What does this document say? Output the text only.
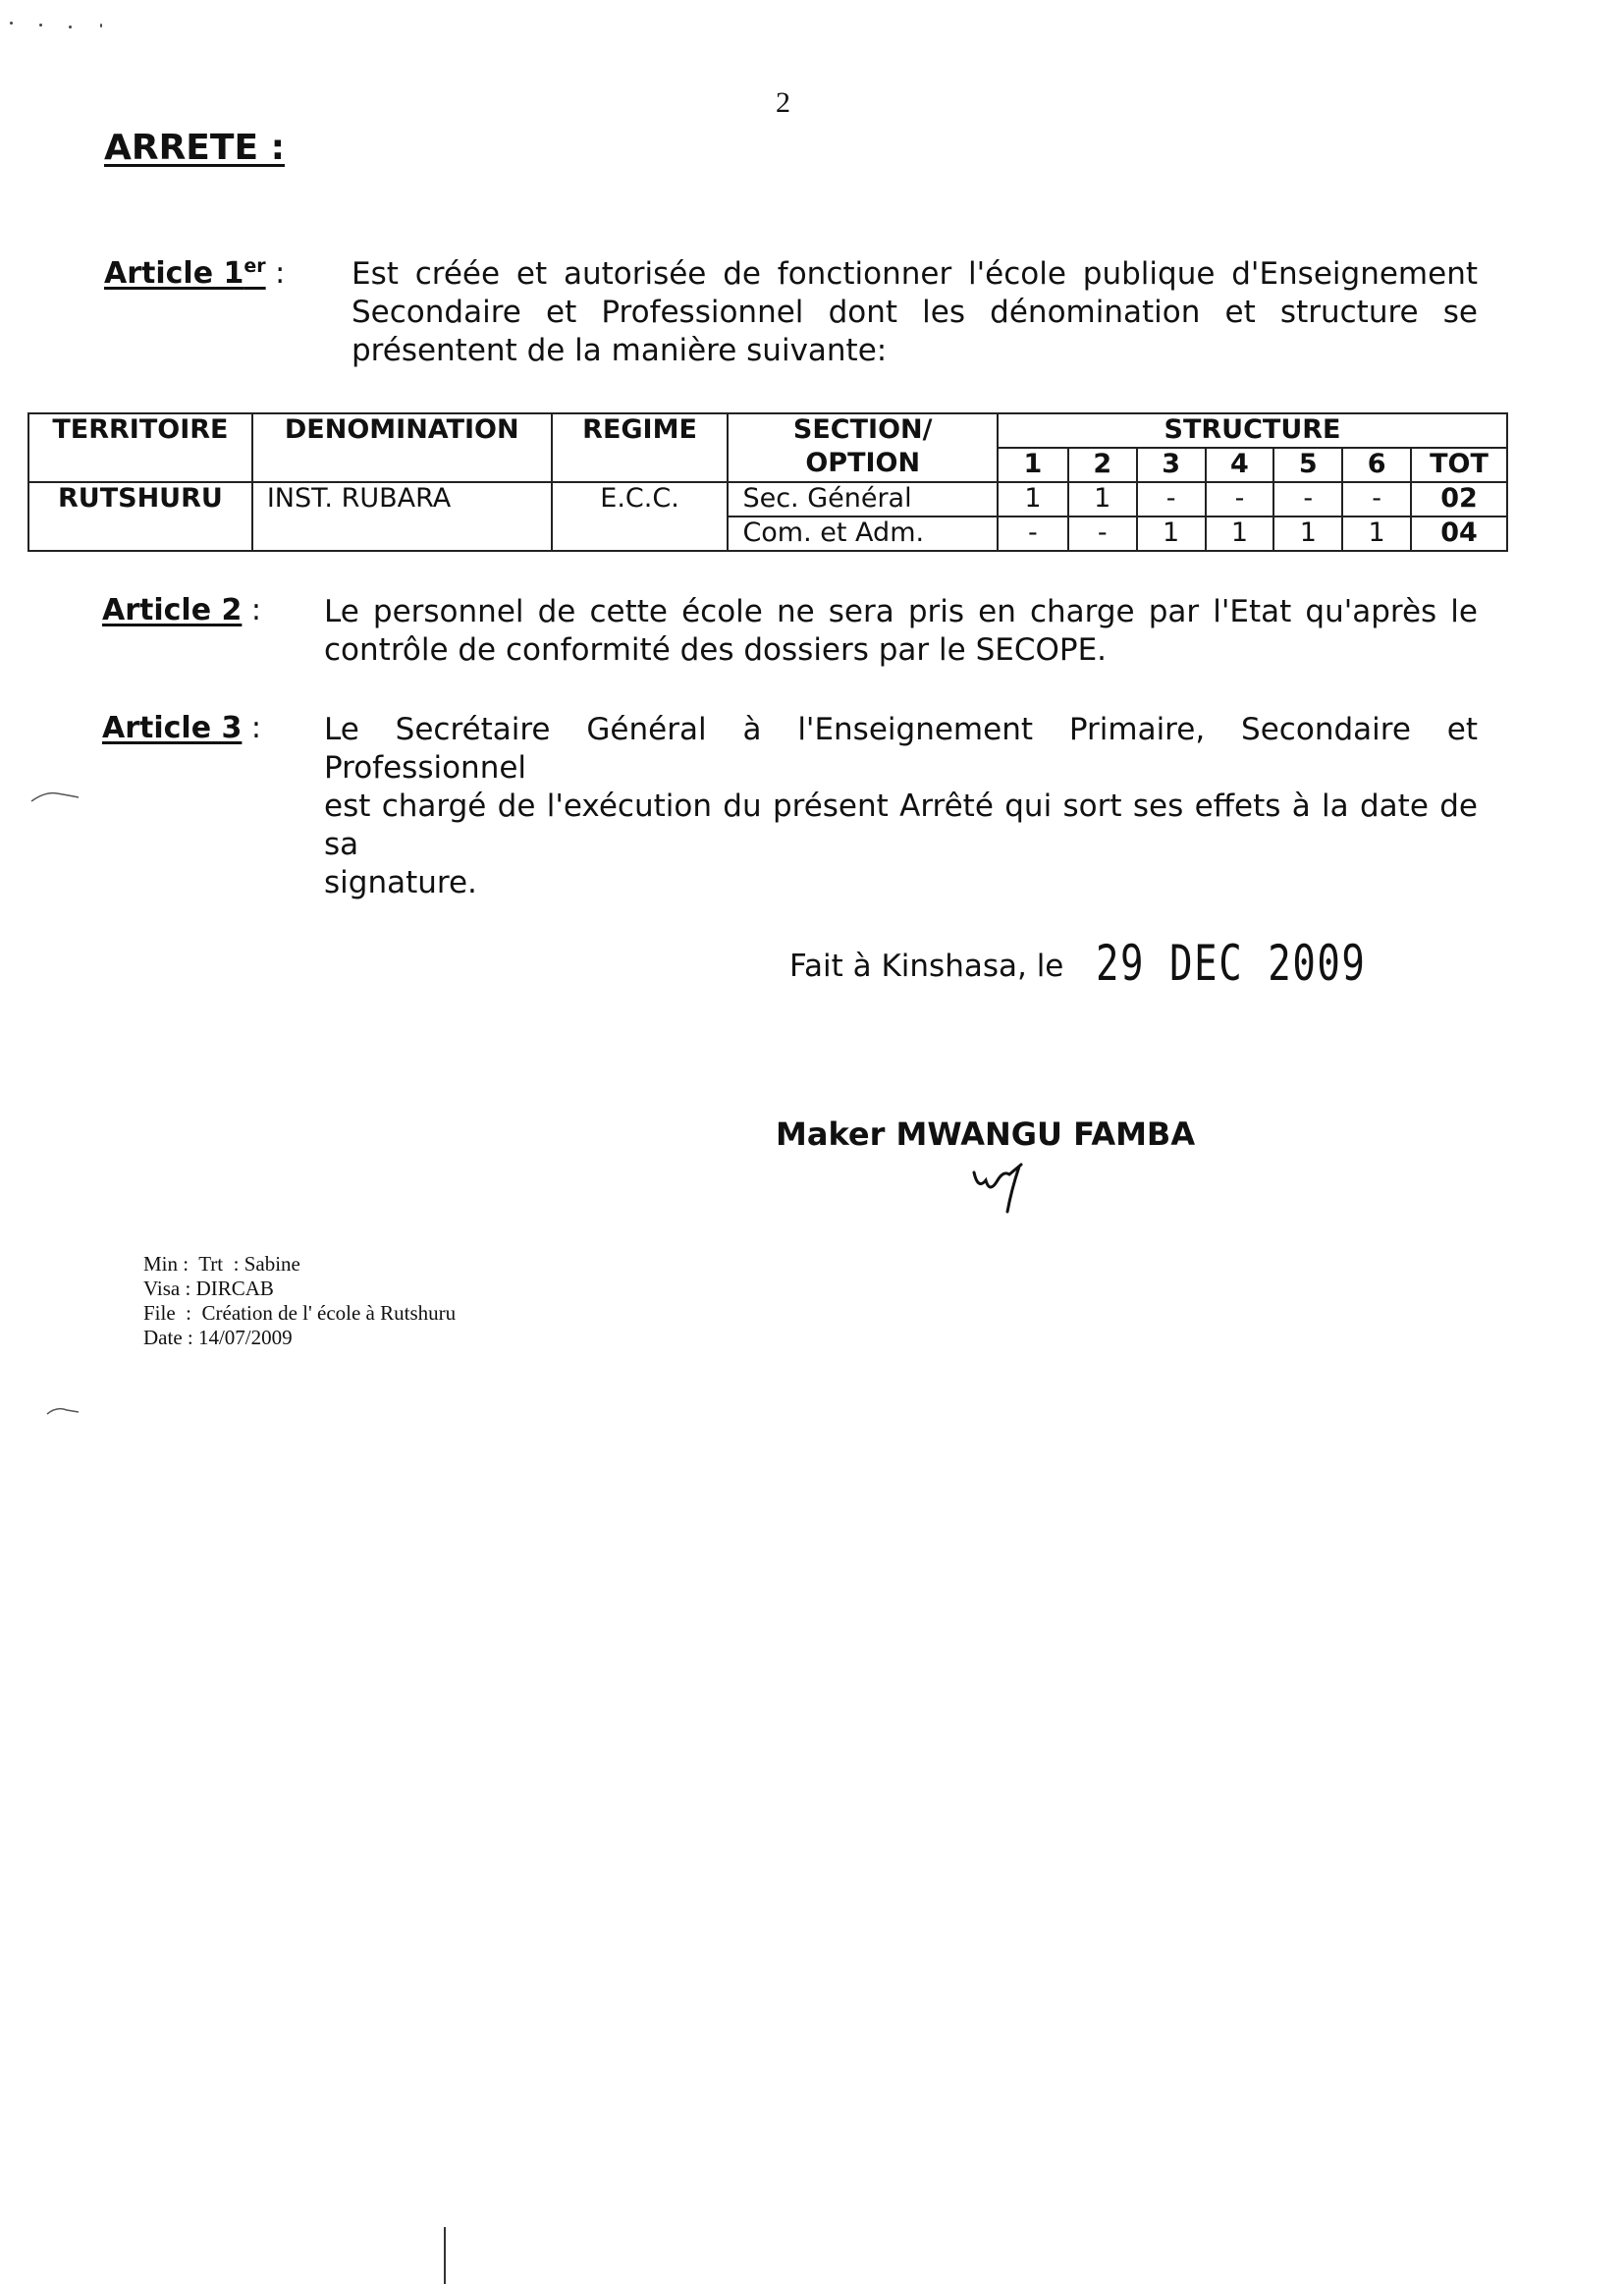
2
ARRETE :
Article 1er : Est créée et autorisée de fonctionner l'école publique d'Enseignement
Secondaire et Professionnel dont les dénomination et structure se
présentent de la manière suivante:
TERRITOIRE	DENOMINATION	REGIME	SECTION/	STRUCTURE						
			OPTION	1	2	3	4	5	6	TOT
RUTSHURU	INST. RUBARA	E.C.C.	Sec. Général	1	1	-	-	-	-	02
			Com. et Adm.	-	-	1	1	1	1	04
Article 2 : Le personnel de cette école ne sera pris en charge par l'Etat qu'après le
contrôle de conformité des dossiers par le SECOPE.
Article 3 : Le Secrétaire Général à l'Enseignement Primaire, Secondaire et Professionnel
est chargé de l'exécution du présent Arrêté qui sort ses effets à la date de sa
signature.
Fait à Kinshasa, le 29 DEC 2009
Maker MWANGU FAMBA
Min :  Trt  : Sabine
Visa : DIRCAB
File  :  Création de l' école à Rutshuru
Date : 14/07/2009
